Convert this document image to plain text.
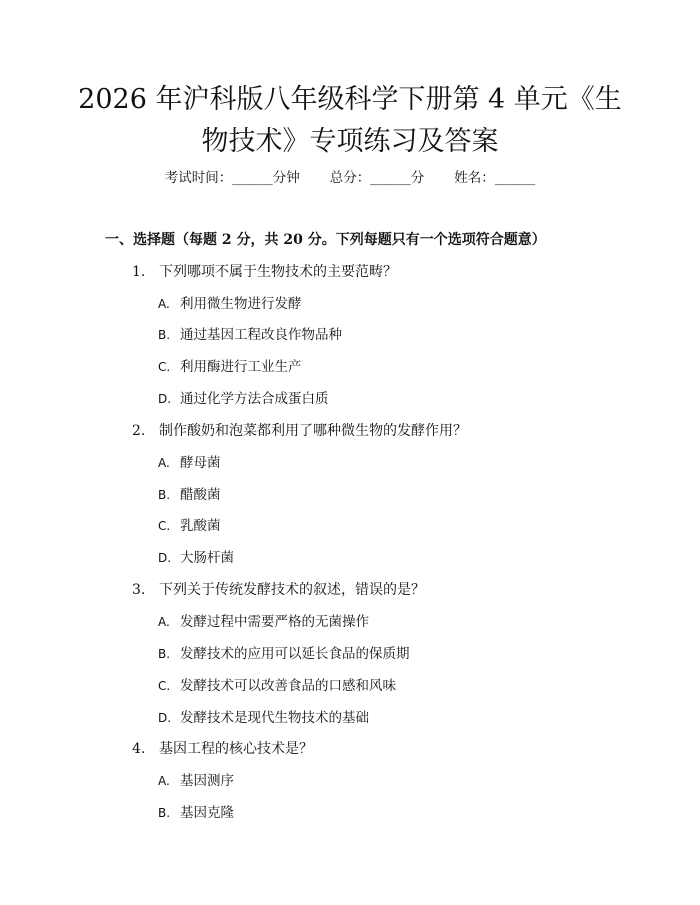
2026 年沪科版八年级科学下册第 4 单元《生
物技术》专项练习及答案
考试时间：______分钟 总分：______分 姓名：______
一、选择题（每题 2 分，共 20 分。下列每题只有一个选项符合题意）
1. 下列哪项不属于生物技术的主要范畴？
A. 利用微生物进行发酵
B. 通过基因工程改良作物品种
C. 利用酶进行工业生产
D. 通过化学方法合成蛋白质
2. 制作酸奶和泡菜都利用了哪种微生物的发酵作用？
A. 酵母菌
B. 醋酸菌
C. 乳酸菌
D. 大肠杆菌
3. 下列关于传统发酵技术的叙述，错误的是？
A. 发酵过程中需要严格的无菌操作
B. 发酵技术的应用可以延长食品的保质期
C. 发酵技术可以改善食品的口感和风味
D. 发酵技术是现代生物技术的基础
4. 基因工程的核心技术是？
A. 基因测序
B. 基因克隆
